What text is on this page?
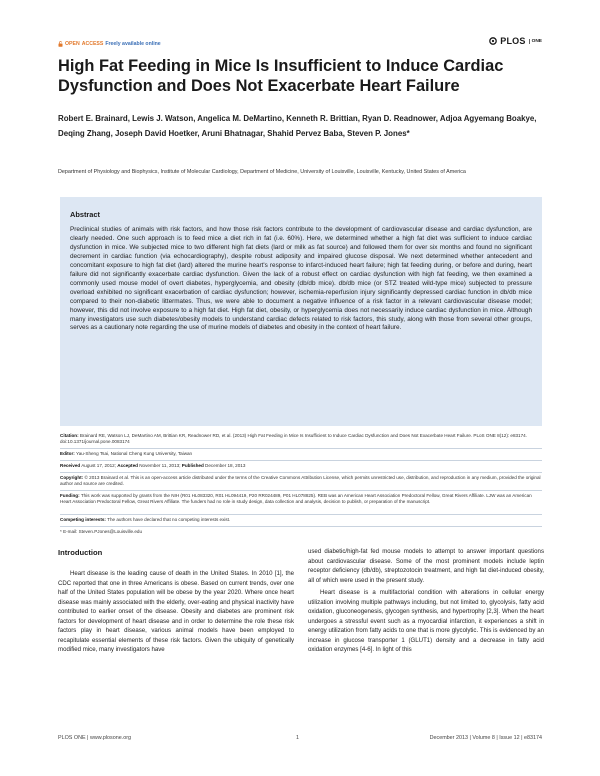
OPEN ACCESS Freely available online	PLOS	ONE
High Fat Feeding in Mice Is Insufficient to Induce Cardiac Dysfunction and Does Not Exacerbate Heart Failure

Robert E. Brainard, Lewis J. Watson, Angelica M. DeMartino, Kenneth R. Brittian, Ryan D. Readnower, Adjoa Agyemang Boakye, Deqing Zhang, Joseph David Hoetker, Aruni Bhatnagar, Shahid Pervez Baba, Steven P. Jones*

Department of Physiology and Biophysics, Institute of Molecular Cardiology, Department of Medicine, University of Louisville, Louisville, Kentucky, United States of America

Abstract

Preclinical studies of animals with risk factors, and how those risk factors contribute to the development of cardiovascular disease and cardiac dysfunction, are clearly needed. One such approach is to feed mice a diet rich in fat (i.e. 60%). Here, we determined whether a high fat diet was sufficient to induce cardiac dysfunction in mice. We subjected mice to two different high fat diets (lard or milk as fat source) and followed them for over six months and found no significant decrement in cardiac function (via echocardiography), despite robust adiposity and impaired glucose disposal. We next determined whether antecedent and concomitant exposure to high fat diet (lard) altered the murine heart's response to infarct-induced heart failure; high fat feeding during, or before and during, heart failure did not significantly exacerbate cardiac dysfunction. Given the lack of a robust effect on cardiac dysfunction with high fat feeding, we then examined a commonly used mouse model of overt diabetes, hyperglycemia, and obesity (db/db mice). db/db mice (or STZ treated wild-type mice) subjected to pressure overload exhibited no significant exacerbation of cardiac dysfunction; however, ischemia-reperfusion injury significantly depressed cardiac function in db/db mice compared to their non-diabetic littermates. Thus, we were able to document a negative influence of a risk factor in a relevant cardiovascular disease model; however, this did not involve exposure to a high fat diet. High fat diet, obesity, or hyperglycemia does not necessarily induce cardiac dysfunction in mice. Although many investigators use such diabetes/obesity models to understand cardiac defects related to risk factors, this study, along with those from several other groups, serves as a cautionary note regarding the use of murine models of diabetes and obesity in the context of heart failure.

Citation: Brainard RE, Watson LJ, DeMartino AM, Brittian KR, Readnower RD, et al. (2013) High Fat Feeding in Mice Is Insufficient to Induce Cardiac Dysfunction and Does Not Exacerbate Heart Failure. PLoS ONE 8(12): e83174. doi:10.1371/journal.pone.0083174

Editor: Yau-Sheng Tsai, National Cheng Kung University, Taiwan

Received August 17, 2012; Accepted November 11, 2013; Published December 18, 2013

Copyright: © 2013 Brainard et al. This is an open-access article distributed under the terms of the Creative Commons Attribution License, which permits unrestricted use, distribution, and reproduction in any medium, provided the original author and source are credited.

Funding: This work was supported by grants from the NIH (R01 HL083320, R01 HL094419, P20 RR024489, P01 HL078825). REB was an American Heart Association Predoctoral Fellow, Great Rivers Affiliate. LJW was an American Heart Association Predoctoral Fellow, Great Rivers Affiliate. The funders had no role in study design, data collection and analysis, decision to publish, or preparation of the manuscript.

Competing interests: The authors have declared that no competing interests exist.

* E-mail: Steven.PJones@Louisville.edu

Introduction

Heart disease is the leading cause of death in the United States. In 2010 [1], the CDC reported that one in three Americans is obese. Based on current trends, over one half of the United States population will be obese by the year 2020. Where once heart disease was mainly associated with the elderly, over-eating and physical inactivity have contributed to earlier onset of the disease. Obesity and diabetes are prominent risk factors for development of heart disease and in order to determine the role these risk factors play in heart disease, various animal models have been employed to recapitulate essential elements of these risk factors. Given the ubiquity of genetically modified mice, many investigators have

used diabetic/high-fat fed mouse models to attempt to answer important questions about cardiovascular disease. Some of the most prominent models include leptin receptor deficiency (db/db), streptozotocin treatment, and high fat diet-induced obesity, all of which were used in the present study.

Heart disease is a multifactorial condition with alterations in cellular energy utilization involving multiple pathways including, but not limited to, glycolysis, fatty acid oxidation, gluconeogenesis, glycogen synthesis, and hypertrophy [2,3]. When the heart undergoes a stressful event such as a myocardial infarction, it experiences a shift in energy utilization from fatty acids to one that is more glycolytic. This is evidenced by an increase in glucose transporter 1 (GLUT1) density and a decrease in fatty acid oxidation enzymes [4-6]. In light of this

PLOS ONE | www.plosone.org	1	December 2013 | Volume 8 | Issue 12 | e83174
